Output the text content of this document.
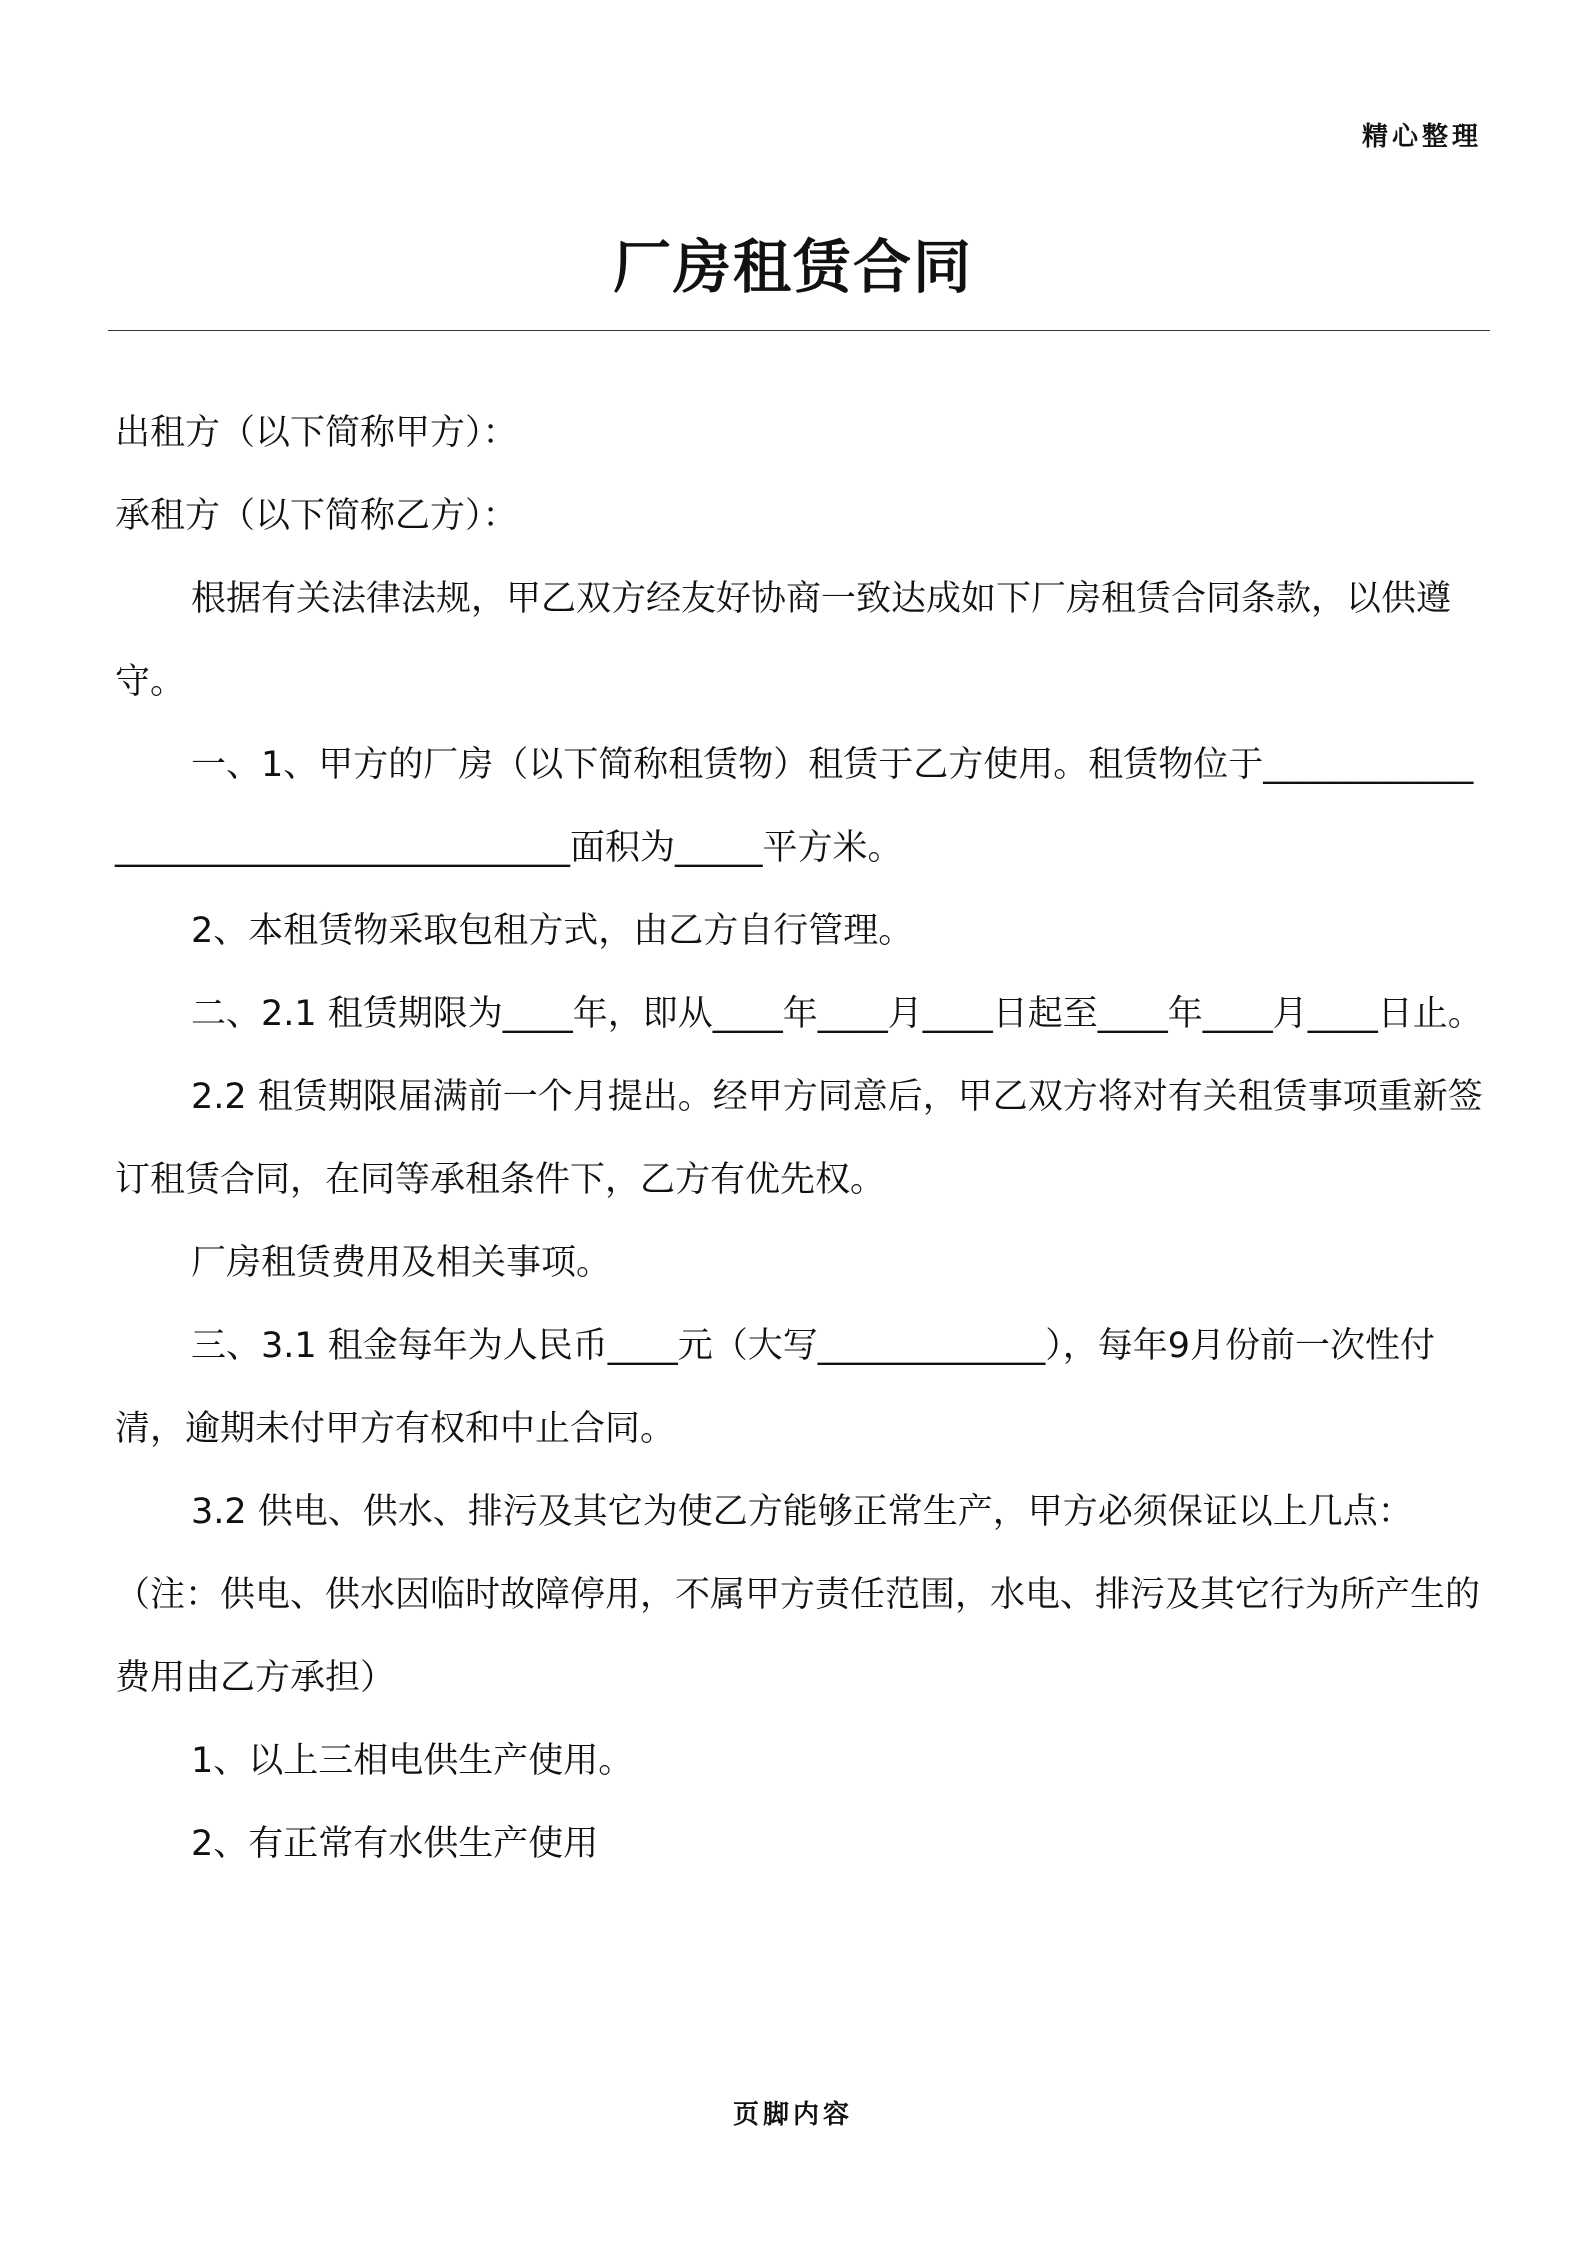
精心整理
厂房租赁合同

出租方（以下简称甲方）：

承租方（以下简称乙方）：

根据有关法律法规，甲乙双方经友好协商一致达成如下厂房租赁合同条款，以供遵守。

一、1、甲方的厂房（以下简称租赁物）租赁于乙方使用。租赁物位于______________________________________面积为_____平方米。

2、本租赁物采取包租方式，由乙方自行管理。

二、2.1 租赁期限为____年，即从____年____月____日起至____年____月____日止。

2.2 租赁期限届满前一个月提出。经甲方同意后，甲乙双方将对有关租赁事项重新签订租赁合同，在同等承租条件下，乙方有优先权。

厂房租赁费用及相关事项。

三、3.1 租金每年为人民币____元（大写_____________），每年9月份前一次性付清，逾期未付甲方有权和中止合同。

3.2 供电、供水、排污及其它为使乙方能够正常生产，甲方必须保证以上几点：（注：供电、供水因临时故障停用，不属甲方责任范围，水电、排污及其它行为所产生的费用由乙方承担）

1、以上三相电供生产使用。

2、有正常有水供生产使用

页脚内容
